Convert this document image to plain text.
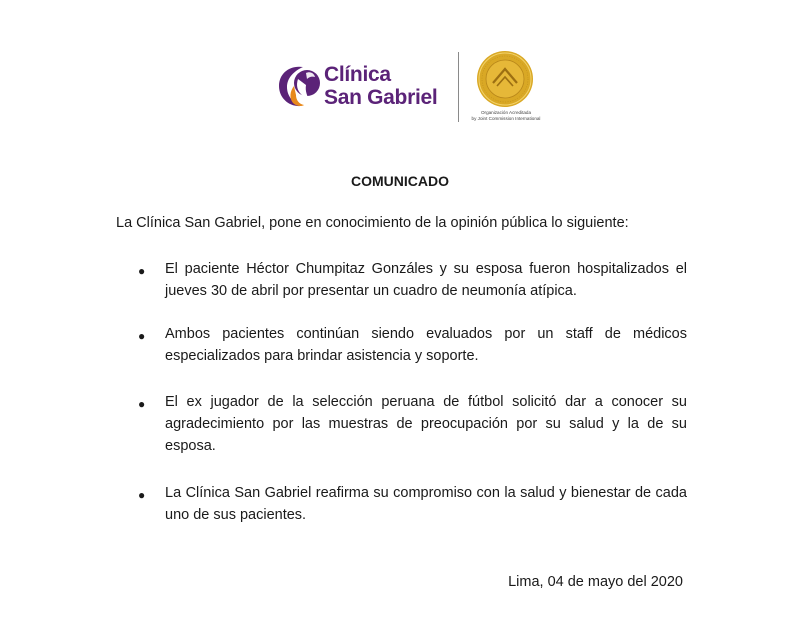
Clínica
San Gabriel
Organización Acreditada
by Joint Commission International
COMUNICADO
La Clínica San Gabriel, pone en conocimiento de la opinión pública lo siguiente:
● El paciente Héctor Chumpitaz Gonzáles y su esposa fueron hospitalizados el jueves 30 de abril por presentar un cuadro de neumonía atípica.
● Ambos pacientes continúan siendo evaluados por un staff de médicos especializados para brindar asistencia y soporte.
● El ex jugador de la selección peruana de fútbol solicitó dar a conocer su agradecimiento por las muestras de preocupación por su salud y la de su esposa.
● La Clínica San Gabriel reafirma su compromiso con la salud y bienestar de cada uno de sus pacientes.
Lima, 04 de mayo del 2020
